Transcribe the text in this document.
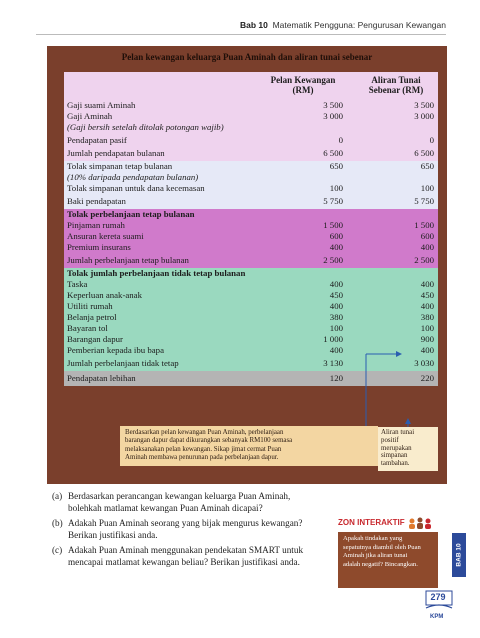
Bab 10 Matematik Pengguna: Pengurusan Kewangan
Pelan kewangan keluarga Puan Aminah dan aliran tunai sebenar
Pelan Kewangan
(RM)
Aliran Tunai
Sebenar (RM)
Gaji suami Aminah	3 500	3 500
Gaji Aminah	3 000	3 000
(Gaji bersih setelah ditolak potongan wajib)
Pendapatan pasif	0	0
Jumlah pendapatan bulanan	6 500	6 500
Tolak simpanan tetap bulanan	650	650
(10% daripada pendapatan bulanan)
Tolak simpanan untuk dana kecemasan	100	100
Baki pendapatan	5 750	5 750
Tolak perbelanjaan tetap bulanan
Pinjaman rumah	1 500	1 500
Ansuran kereta suami	600	600
Premium insurans	400	400
Jumlah perbelanjaan tetap bulanan	2 500	2 500
Tolak jumlah perbelanjaan tidak tetap bulanan
Taska	400	400
Keperluan anak-anak	450	450
Utiliti rumah	400	400
Belanja petrol	380	380
Bayaran tol	100	100
Barangan dapur	1 000	900
Pemberian kepada ibu bapa	400	400
Jumlah perbelanjaan tidak tetap	3 130	3 030
Pendapatan lebihan	120	220
Berdasarkan pelan kewangan Puan Aminah, perbelanjaan
barangan dapur dapat dikurangkan sebanyak RM100 semasa
melaksanakan pelan kewangan. Sikap jimat cermat Puan
Aminah membawa penurunan pada perbelanjaan dapur.
Aliran tunai
positif
merupakan
simpanan
tambahan.
(a) Berdasarkan perancangan kewangan keluarga Puan Aminah,
bolehkah matlamat kewangan Puan Aminah dicapai?
(b) Adakah Puan Aminah seorang yang bijak mengurus kewangan?
Berikan justifikasi anda.
(c) Adakah Puan Aminah menggunakan pendekatan SMART untuk
mencapai matlamat kewangan beliau? Berikan justifikasi anda.
ZON INTERAKTIF
Apakah tindakan yang
sepatutnya diambil oleh Puan
Aminah jika aliran tunai
adalah negatif? Bincangkan.	BAB 10
279
KPM
